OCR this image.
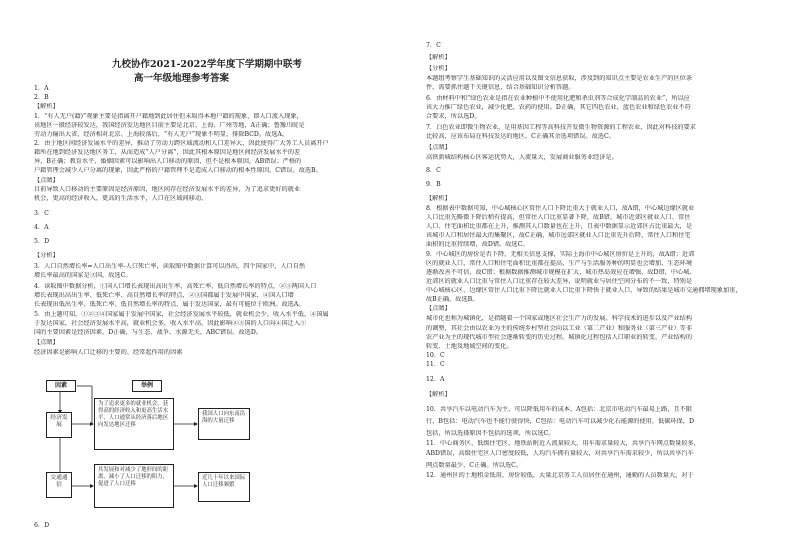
九校协作2021-2022学年度下学期期中联考
高一年级地理参考答案
1．A
2．B
【解析】
1．“有人无户(籍)”观象主要是指离开户籍地到此居住但未取得本地户籍的现象，即人口流入现象，
该地区一般经济较发达，我国经济发达地区目前主要是北京、上海、广州等地，A正确；鲁豫川皖是
劳动力输出大省，经济相对北京、上海较落后，“有人无户”现象不明显，排除BCD。故选A。
2．由于地区间经济发展水平的差异，推动了劳动力跨区域流动和人口差异大，因此使得广大务工人员离开户
籍所在地到经济发达地区务工，从而造成“人户分离”，因此其根本原因是地区间经济发展水平的差
异，B正确；教育水平、婚姻因素可以影响出人口移动的原因，但不是根本原因，AB错误；严格的
户籍管理会减少人户分离的现象，因此严格的户籍管理不是造成人口移动的根本性原因，C错误。故选B。
【点睛】
目前导致人口移动的主要原因是经济原因，地区间存在经济发展水平的差异，为了追求更好的就业
机会，更高的经济收入，更高的生活水平，人口在区域间移动。
3．C
4．A
5．D
【分析】
3．人口自然增长率=人口出生率-人口死亡率，读取图中数据计算可以得出，四个国家中，人口自然
增长率最高的国家是③国，故选C。
4．读取图中数据分析，①国人口增长表现出高出生率、高死亡率，低自然增长率的特点，②③两国人口
增长表现出高出生率、低死亡率、高自然增长率的特点，②③国都属于发展中国家，④国人口增
长表现出低出生率、低死亡率、低自然增长率的特点，属于发达国家，最有可能位于欧洲。故选A。
5．由上题可知，①②③④国家属于发展中国家，社会经济发展水平较低，就业机会少，收入水平低，④国属
于发达国家，社会经济发展水平高，就业机会多，收入水平高，因此影响②③国的人口向④国迁入①
国的主要因素是经济因素，D正确，与生态、战争、水源无关，ABC错误。故选D。
【点睛】
经济因素是影响人口迁移的主要的、经常起作用的因素
因素	举例
经济发展
交通通信
为了追求更多的就业机会，获得高的经济收入和更高生活水平，人口通常从经济落后地区向发达地区迁移
我国人口向东南沿海的大量迁移
其发展和对减少了地形间的距离，减小了人口迁移的阻力，促进了人口迁移
近几十年以来国际人口迁移频繁
6．D
7．C
【解析】
【分析】
本题组考察学生基础知识的灵活应用以及图文信息获取，涉及到的知识点主要是农业生产的区位条
件，需要抓住题干关键信息，结合基础知识分析答题。
6．由材料中和“绿色农业是指在农业种植中不使用化肥和杀虫剂等合成化学制品的农业”，所以应
该大力推广绿色农业，减少化肥、农药的使用。D正确，其它四色农业、蓝色农业和绿色农业不符
合要求，所以选D。
7．白色农业即微生物农业，是用基因工程等高科技开发微生物资源的工程农业，因此对科技的要求
比较高，应该布局在科技发达的地区。C正确其余选项错误。故选C。
【点睛】
高铁新城结构核心区客运优势大，人流量大，发展商业服务业经济是。
8．C
9．B
【解析】
8．根据表中数据可知，中心城核心区常住人口下降比重大于就业人口，故A错，中心城边缘区就业
人口比重先略微下降后稍有提高，但常住人口比重显著下降，故B错，城市近郊区就业人口、常住
人口、住宅面积比重都在上升，推测其人口数量也在上升，且表中数据显示近郊区占比重最大，是
该城市人口和居住最大的集聚区，故C正确，城市远郊区就业人口比重先升后降，常住人口和住宅
面积的比重持续增，故D错。故选C。
9．中心城区的房价是否下降，无相关信息支撑，实际上海市中心城区房价是上升的，故A错；近郊
区的就业人口、常住人口和住宅面积比重都在提高，生产与生活服务种的明显也会增加，生态环境
逐渐改善不可信，故C错；根据数据推测城市规模在扩大，城市热岛效应在增强，故D错，中心城、
近郊区的就业人口比重与常住人口比重存在较大差异，说明就业与居住空间分布的不一致，特别是
中心城核心区、边缘区常住人口比重下降比就业人口比重下降快于就业人口，导致的结果是城市交通拥堵现象加重，
故B正确。故选B。
【点睛】
城市化也称为城镇化，是指随着一个国家或地区社会生产力的发展、科学技术的进步以及产业结构
的调整，其社会由以农业为主的传统乡村型社会向以工业（第二产业）和服务业（第三产业）等非
农产业为主的现代城市型社会逐渐转变的历史过程。城镇化过程包括人口职业的转变、产业结构的
转变、土地及地域空间的变化。
10．C
11．C
12．A
【解析】
10．共享汽车以电动汽车为主，可以降低用车的成本，A包括：北京市电动汽车最易上路，且不限
行，B包括：电动汽车也不能行驶得快，C包括：电动汽车可以减少化石能源的使用，低碳环保，D
包括，所以选择原因不包括的选项，所以选C。
11．中心商务区、低级住宅区、地铁站附近人流量较大，用车需求量较大，共享汽车网点数量较多，
ABD错误，高级住宅区人口密度较低，人均汽车拥有量较大，对共享汽车需求较少，所以共享汽车
网点数量最少，C正确。所以选C。
12．通州区的土地租金低用，房价较低，大量北京务工人员居住在通州，通勤的人员数量大，对于
